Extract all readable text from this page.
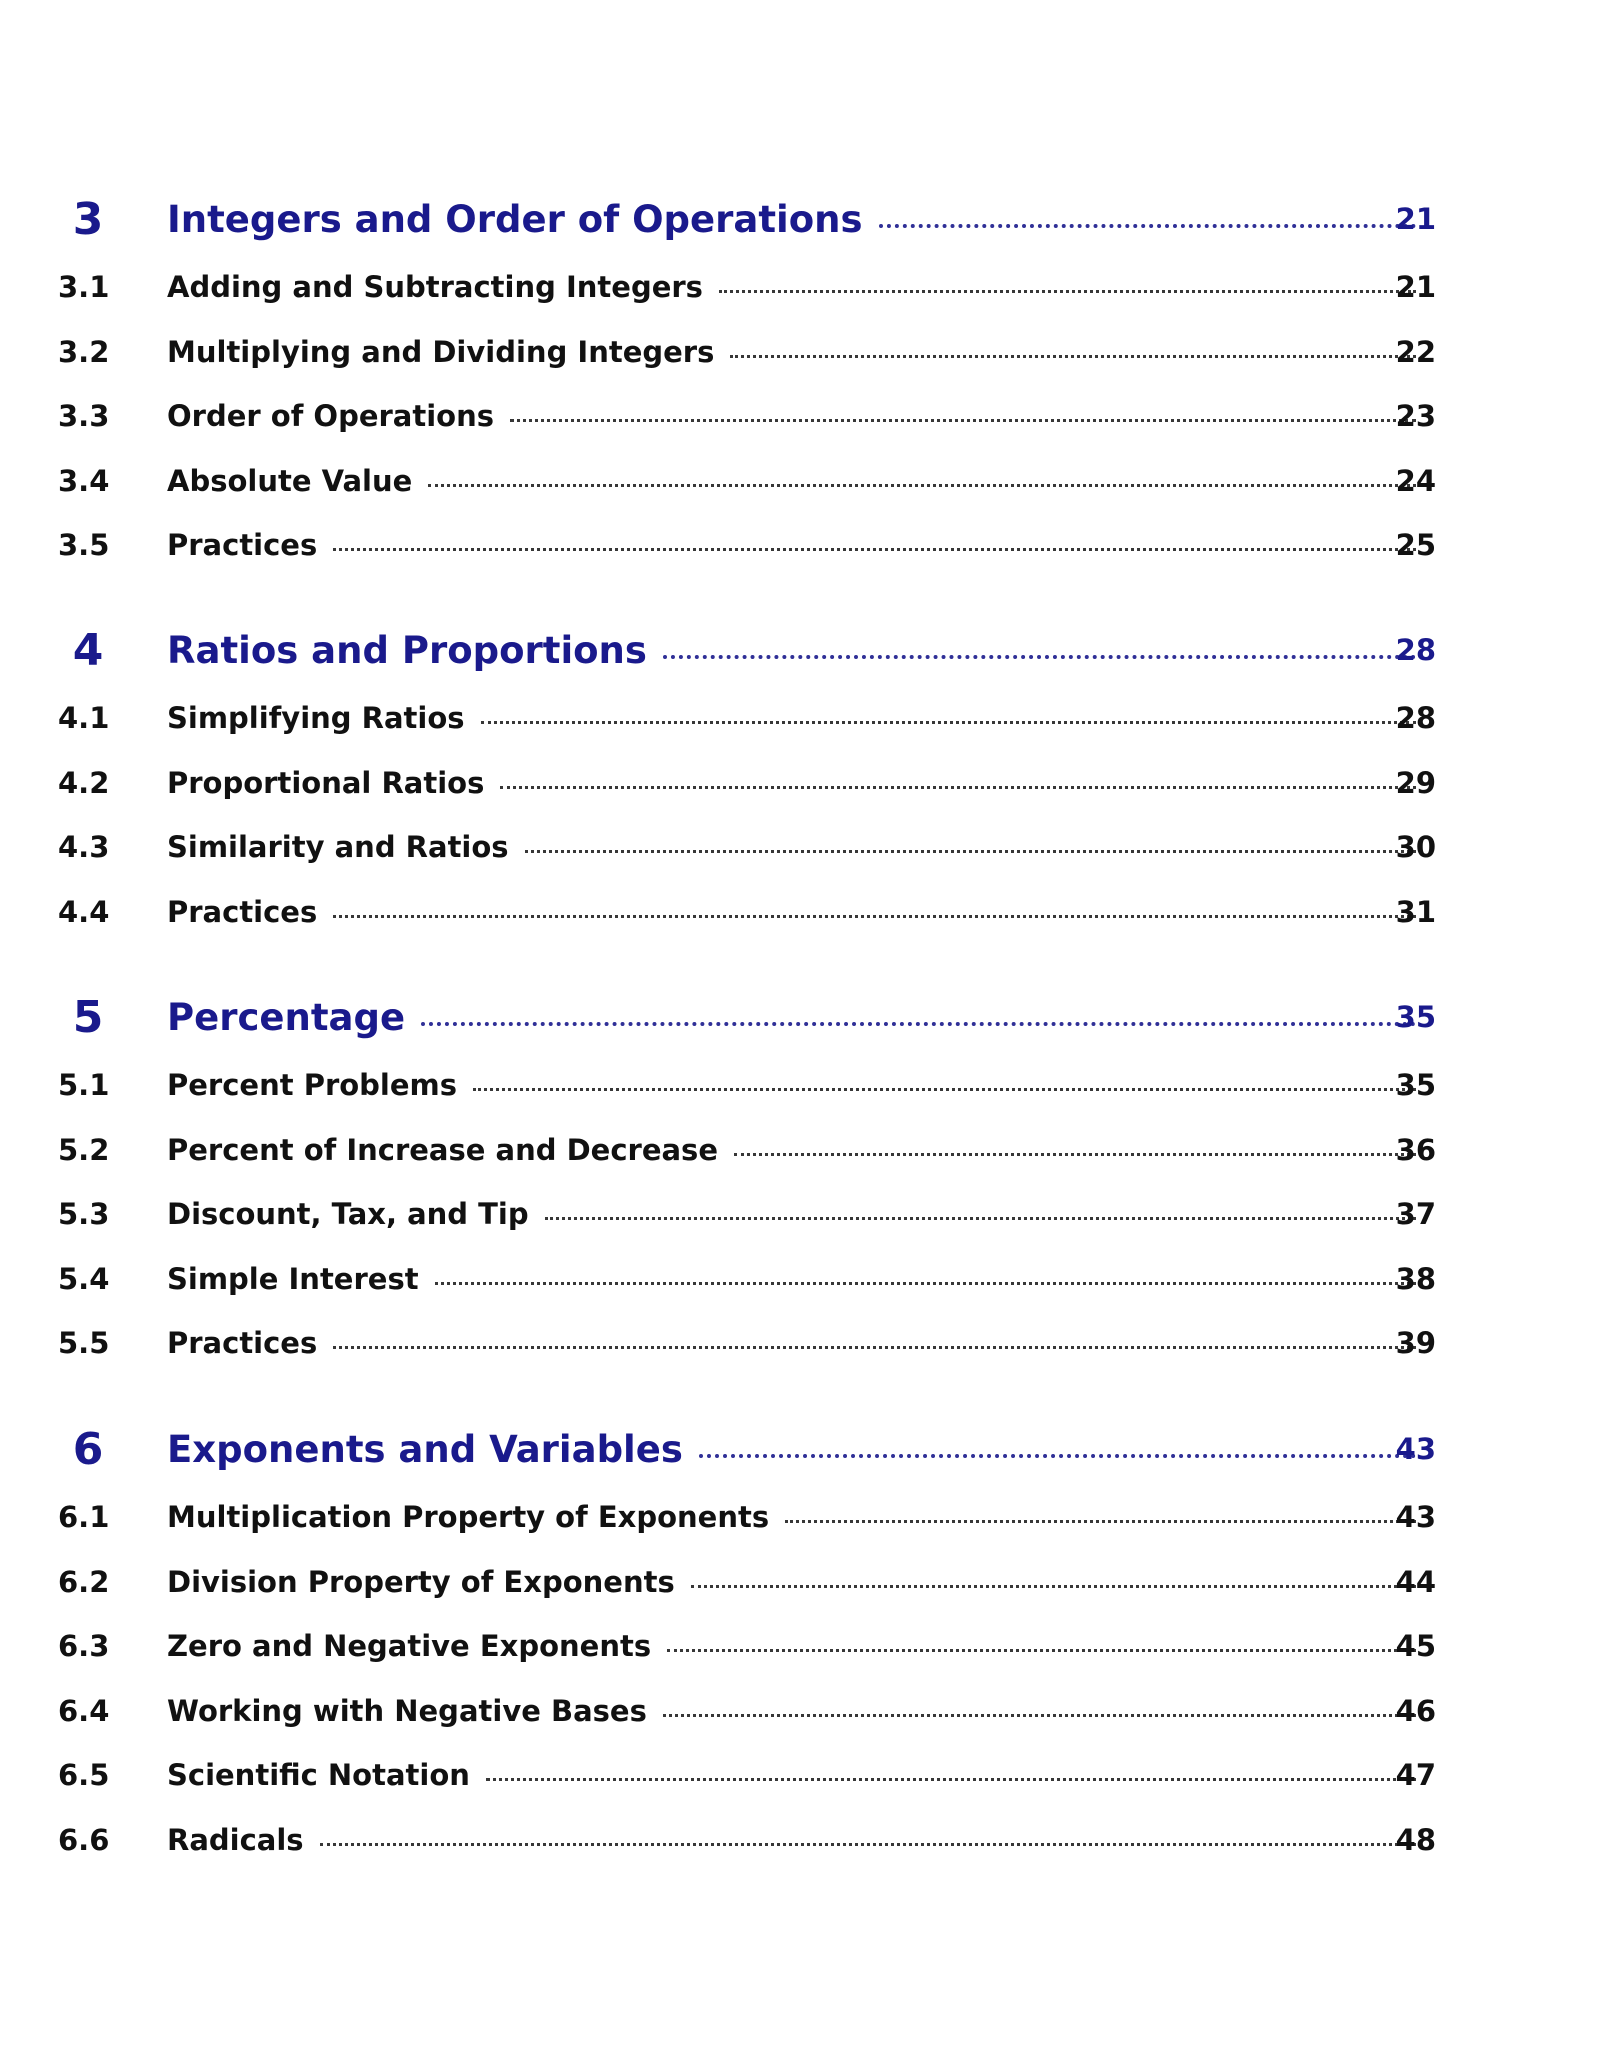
3	Integers and Order of Operations	21
3.1 Adding and Subtracting Integers	21
3.2 Multiplying and Dividing Integers	22
3.3 Order of Operations	23
3.4 Absolute Value	24
3.5 Practices	25
4	Ratios and Proportions	28
4.1 Simplifying Ratios	28
4.2 Proportional Ratios	29
4.3 Similarity and Ratios	30
4.4 Practices	31
5	Percentage	35
5.1 Percent Problems	35
5.2 Percent of Increase and Decrease	36
5.3 Discount, Tax, and Tip	37
5.4 Simple Interest	38
5.5 Practices	39
6	Exponents and Variables	43
6.1 Multiplication Property of Exponents	43
6.2 Division Property of Exponents	44
6.3 Zero and Negative Exponents	45
6.4 Working with Negative Bases	46
6.5 Scientific Notation	47
6.6 Radicals	48
